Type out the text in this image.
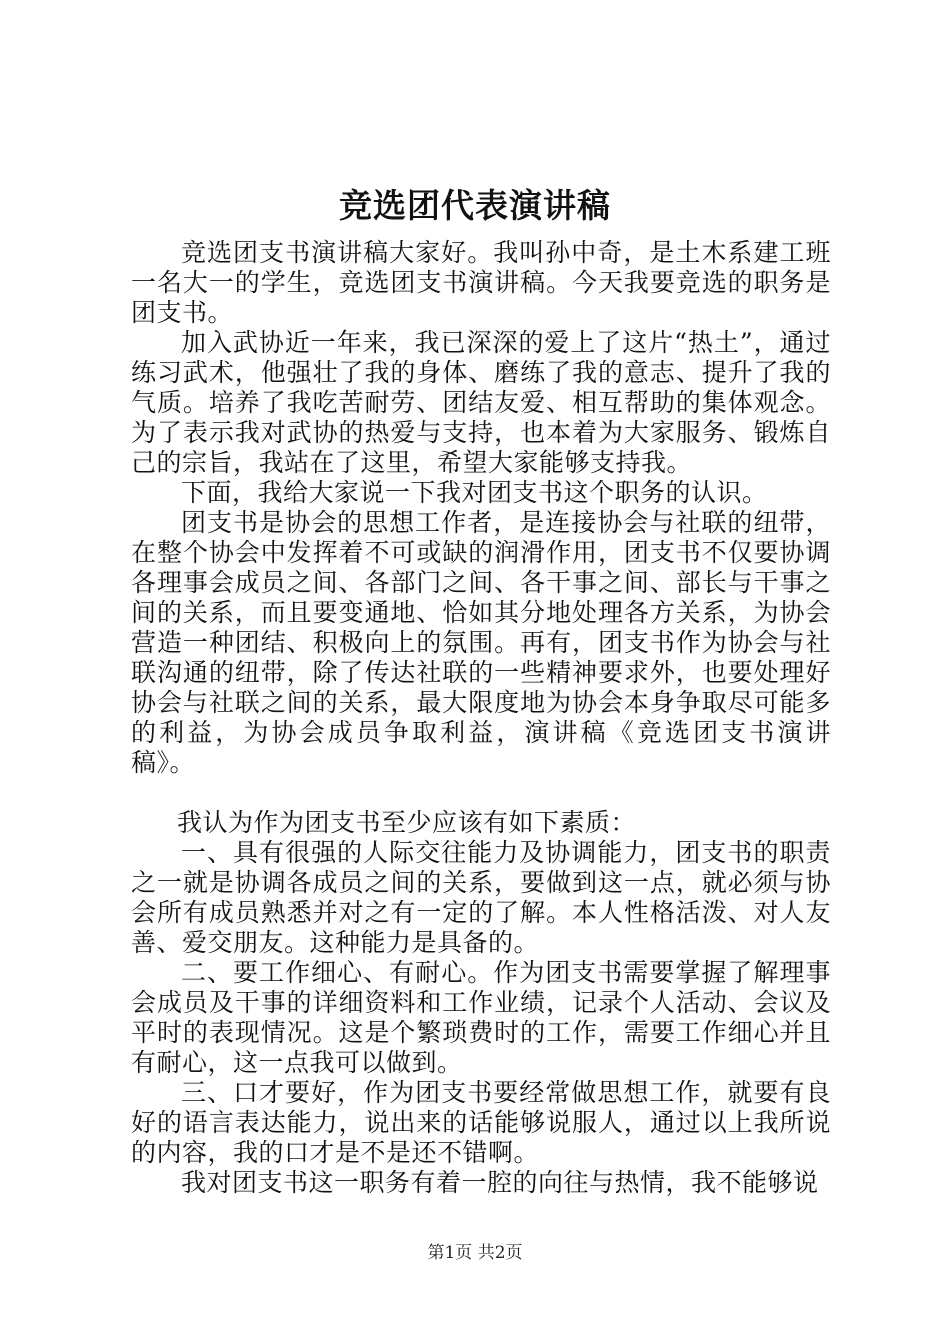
竞选团代表演讲稿

竞选团支书演讲稿大家好。我叫孙中奇，是土木系建工班一名大一的学生，竞选团支书演讲稿。今天我要竞选的职务是团支书。

加入武协近一年来，我已深深的爱上了这片“热土”，通过练习武术，他强壮了我的身体、磨练了我的意志、提升了我的气质。培养了我吃苦耐劳、团结友爱、相互帮助的集体观念。为了表示我对武协的热爱与支持，也本着为大家服务、锻炼自己的宗旨，我站在了这里，希望大家能够支持我。

下面，我给大家说一下我对团支书这个职务的认识。

团支书是协会的思想工作者，是连接协会与社联的纽带，在整个协会中发挥着不可或缺的润滑作用，团支书不仅要协调各理事会成员之间、各部门之间、各干事之间、部长与干事之间的关系，而且要变通地、恰如其分地处理各方关系，为协会营造一种团结、积极向上的氛围。再有，团支书作为协会与社联沟通的纽带，除了传达社联的一些精神要求外，也要处理好协会与社联之间的关系，最大限度地为协会本身争取尽可能多的利益，为协会成员争取利益，演讲稿《竞选团支书演讲稿》。

我认为作为团支书至少应该有如下素质：

一、具有很强的人际交往能力及协调能力，团支书的职责之一就是协调各成员之间的关系，要做到这一点，就必须与协会所有成员熟悉并对之有一定的了解。本人性格活泼、对人友善、爱交朋友。这种能力是具备的。

二、要工作细心、有耐心。作为团支书需要掌握了解理事会成员及干事的详细资料和工作业绩，记录个人活动、会议及平时的表现情况。这是个繁琐费时的工作，需要工作细心并且有耐心，这一点我可以做到。

三、口才要好，作为团支书要经常做思想工作，就要有良好的语言表达能力，说出来的话能够说服人，通过以上我所说的内容，我的口才是不是还不错啊。

我对团支书这一职务有着一腔的向往与热情，我不能够说

第1页 共2页
